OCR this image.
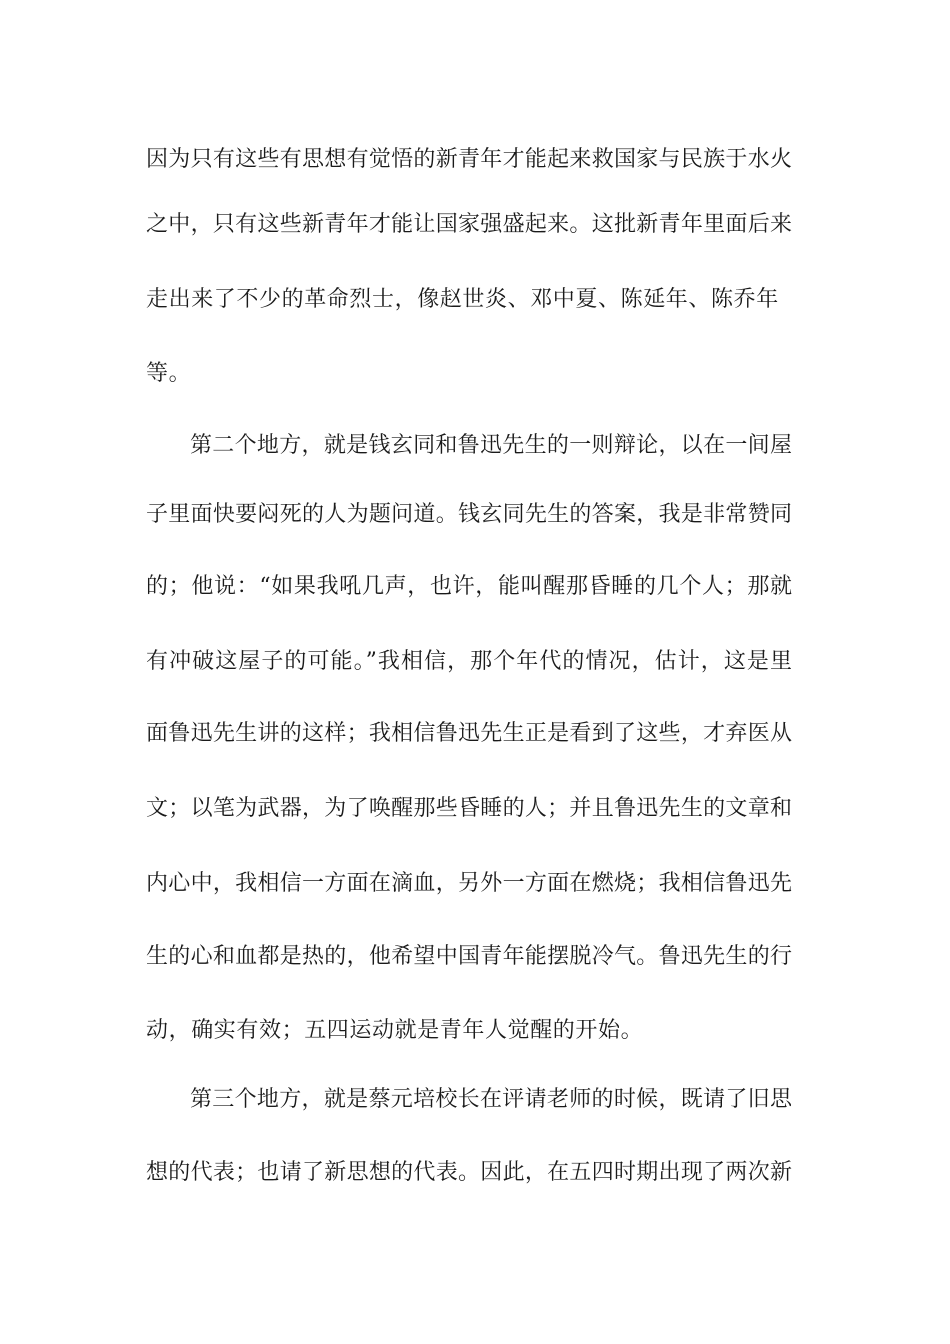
因为只有这些有思想有觉悟的新青年才能起来救国家与民族于水火
之中，只有这些新青年才能让国家强盛起来。这批新青年里面后来
走出来了不少的革命烈士，像赵世炎、邓中夏、陈延年、陈乔年
等。
第二个地方，就是钱玄同和鲁迅先生的一则辩论，以在一间屋
子里面快要闷死的人为题问道。钱玄同先生的答案，我是非常赞同
的；他说：“如果我吼几声，也许，能叫醒那昏睡的几个人；那就
有冲破这屋子的可能。”我相信，那个年代的情况，估计，这是里
面鲁迅先生讲的这样；我相信鲁迅先生正是看到了这些，才弃医从
文；以笔为武器，为了唤醒那些昏睡的人；并且鲁迅先生的文章和
内心中，我相信一方面在滴血，另外一方面在燃烧；我相信鲁迅先
生的心和血都是热的，他希望中国青年能摆脱冷气。鲁迅先生的行
动，确实有效；五四运动就是青年人觉醒的开始。
第三个地方，就是蔡元培校长在评请老师的时候，既请了旧思
想的代表；也请了新思想的代表。因此，在五四时期出现了两次新
